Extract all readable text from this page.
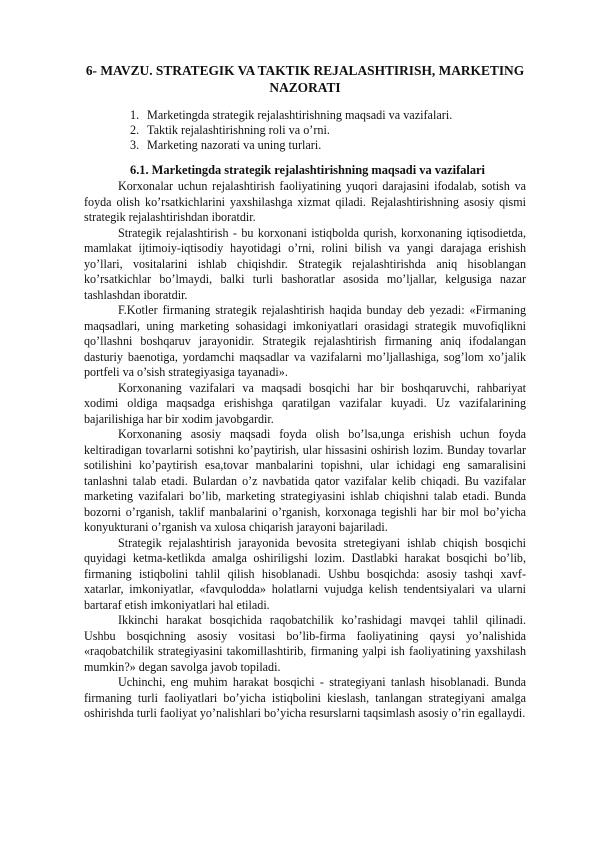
6- MAVZU. STRATEGIK VA TAKTIK REJALASHTIRISH, MARKETING NAZORATI
1. Marketingda strategik rejalashtirishning maqsadi va vazifalari.
2. Taktik rejalashtirishning roli va o’rni.
3. Marketing nazorati va uning turlari.
6.1. Marketingda strategik rejalashtirishning maqsadi va vazifalari

Korxonalar uchun rejalashtirish faoliyatining yuqori darajasini ifodalab, sotish va foyda olish ko’rsatkichlarini yaxshilashga xizmat qiladi. Rejalashtirishning asosiy qismi strategik rejalashtirishdan iboratdir.

Strategik rejalashtirish - bu korxonani istiqbolda qurish, korxonaning iqtisodietda, mamlakat ijtimoiy-iqtisodiy hayotidagi o’rni, rolini bilish va yangi darajaga erishish yo’llari, vositalarini ishlab chiqishdir. Strategik rejalashtirishda aniq hisoblangan ko’rsatkichlar bo’lmaydi, balki turli bashoratlar asosida mo’ljallar, kelgusiga nazar tashlashdan iboratdir.

F.Kotler firmaning strategik rejalashtirish haqida bunday deb yezadi: «Firmaning maqsadlari, uning marketing sohasidagi imkoniyatlari orasidagi strategik muvofiqlikni qo’llashni boshqaruv jarayonidir. Strategik rejalashtirish firmaning aniq ifodalangan dasturiy baenotiga, yordamchi maqsadlar va vazifalarni mo’ljallashiga, sog’lom xo’jalik portfeli va o’sish strategiyasiga tayanadi».

Korxonaning vazifalari va maqsadi bosqichi har bir boshqaruvchi, rahbariyat xodimi oldiga maqsadga erishishga qaratilgan vazifalar kuyadi. Uz vazifalarining bajarilishiga har bir xodim javobgardir.

Korxonaning asosiy maqsadi foyda olish bo’lsa,unga erishish uchun foyda keltiradigan tovarlarni sotishni ko’paytirish, ular hissasini oshirish lozim. Bunday tovarlar sotilishini ko’paytirish esa,tovar manbalarini topishni, ular ichidagi eng samaralisini tanlashni talab etadi. Bulardan o’z navbatida qator vazifalar kelib chiqadi. Bu vazifalar marketing vazifalari bo’lib, marketing strategiyasini ishlab chiqishni talab etadi. Bunda bozorni o’rganish, taklif manbalarini o’rganish, korxonaga tegishli har bir mol bo’yicha konyukturani o’rganish va xulosa chiqarish jarayoni bajariladi.

Strategik rejalashtirish jarayonida bevosita stretegiyani ishlab chiqish bosqichi quyidagi ketma-ketlikda amalga oshiriligshi lozim. Dastlabki harakat bosqichi bo’lib, firmaning istiqbolini tahlil qilish hisoblanadi. Ushbu bosqichda: asosiy tashqi xavf-xatarlar, imkoniyatlar, «favqulodda» holatlarni vujudga kelish tendentsiyalari va ularni bartaraf etish imkoniyatlari hal etiladi.

Ikkinchi harakat bosqichida raqobatchilik ko’rashidagi mavqei tahlil qilinadi. Ushbu bosqichning asosiy vositasi bo’lib-firma faoliyatining qaysi yo’nalishida «raqobatchilik strategiyasini takomillashtirib, firmaning yalpi ish faoliyatining yaxshilash mumkin?» degan savolga javob topiladi.

Uchinchi, eng muhim harakat bosqichi - strategiyani tanlash hisoblanadi. Bunda firmaning turli faoliyatlari bo’yicha istiqbolini kieslash, tanlangan strategiyani amalga oshirishda turli faoliyat yo’nalishlari bo’yicha resurslarni taqsimlash asosiy o’rin egallaydi.
